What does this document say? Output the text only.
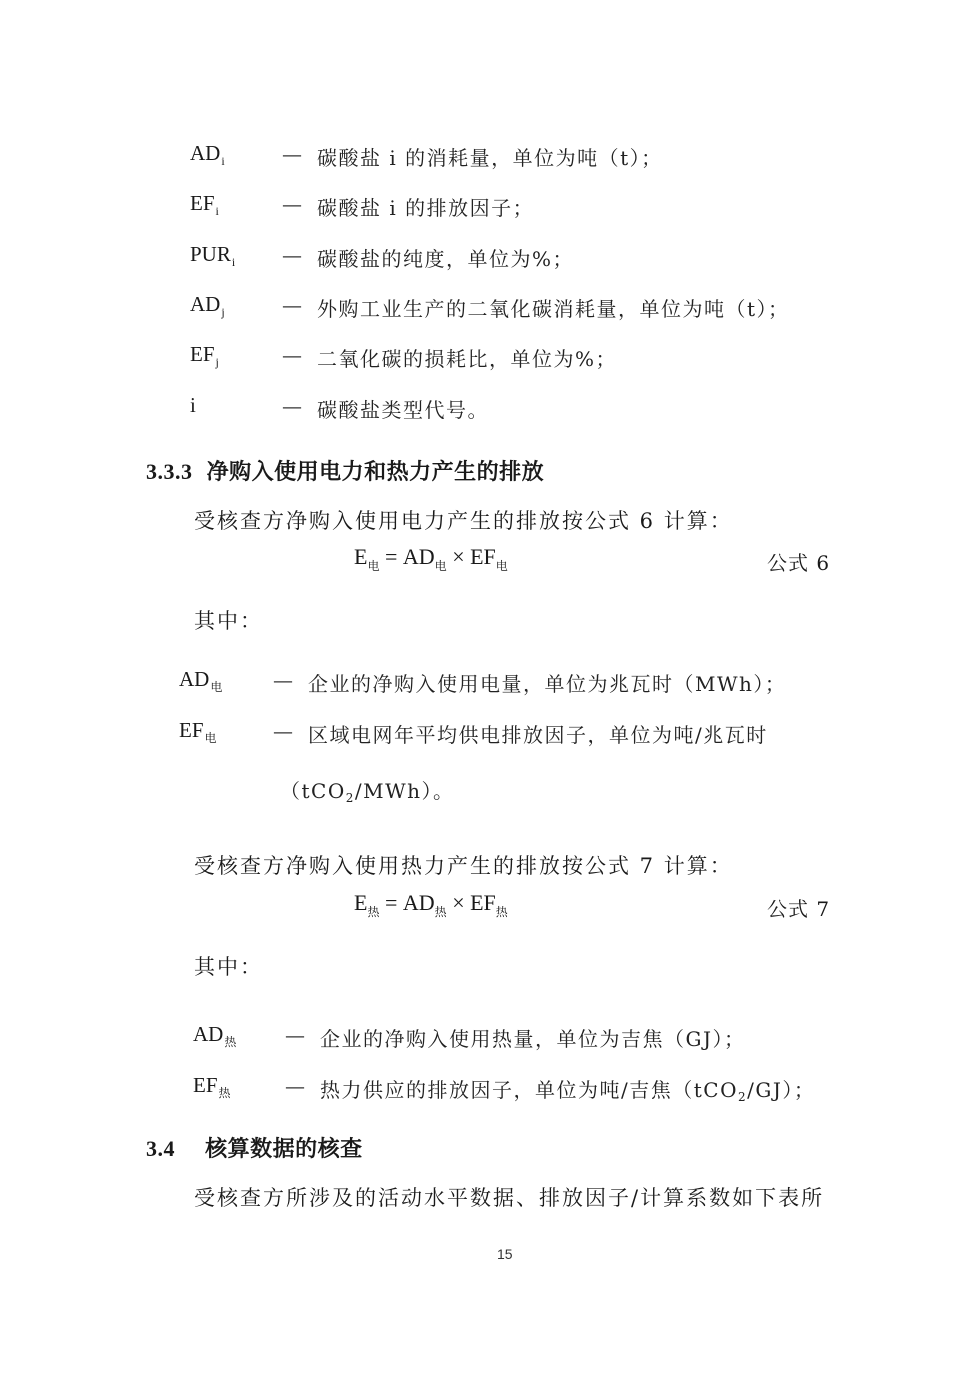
$AD_i$	— 碳酸盐 i 的消耗量，单位为吨（t）；
$EF_i$	— 碳酸盐 i 的排放因子；
$PUR_i$ — 碳酸盐的纯度，单位为%；
$AD_j$	— 外购工业生产的二氧化碳消耗量，单位为吨（t）；
$EF_j$	— 二氧化碳的损耗比，单位为%；
i	— 碳酸盐类型代号。
3.3.3 净购入使用电力和热力产生的排放
受核查方净购入使用电力产生的排放按公式 6 计算：
$E_电 = AD_电 \times EF_电$	公式 6
其中：
$AD_电$	— 企业的净购入使用电量，单位为兆瓦时（MWh）；
$EF_电$	— 区域电网年平均供电排放因子，单位为吨/兆瓦时
（tCO$_2$/MWh）。
受核查方净购入使用热力产生的排放按公式 7 计算：
$E_热 = AD_热 \times EF_热$	公式 7
其中：
$AD_热$ — 企业的净购入使用热量，单位为吉焦（GJ）；
$EF_热$	— 热力供应的排放因子，单位为吨/吉焦（tCO$_2$/GJ）；
3.4 核算数据的核查
受核查方所涉及的活动水平数据、排放因子/计算系数如下表所
15
